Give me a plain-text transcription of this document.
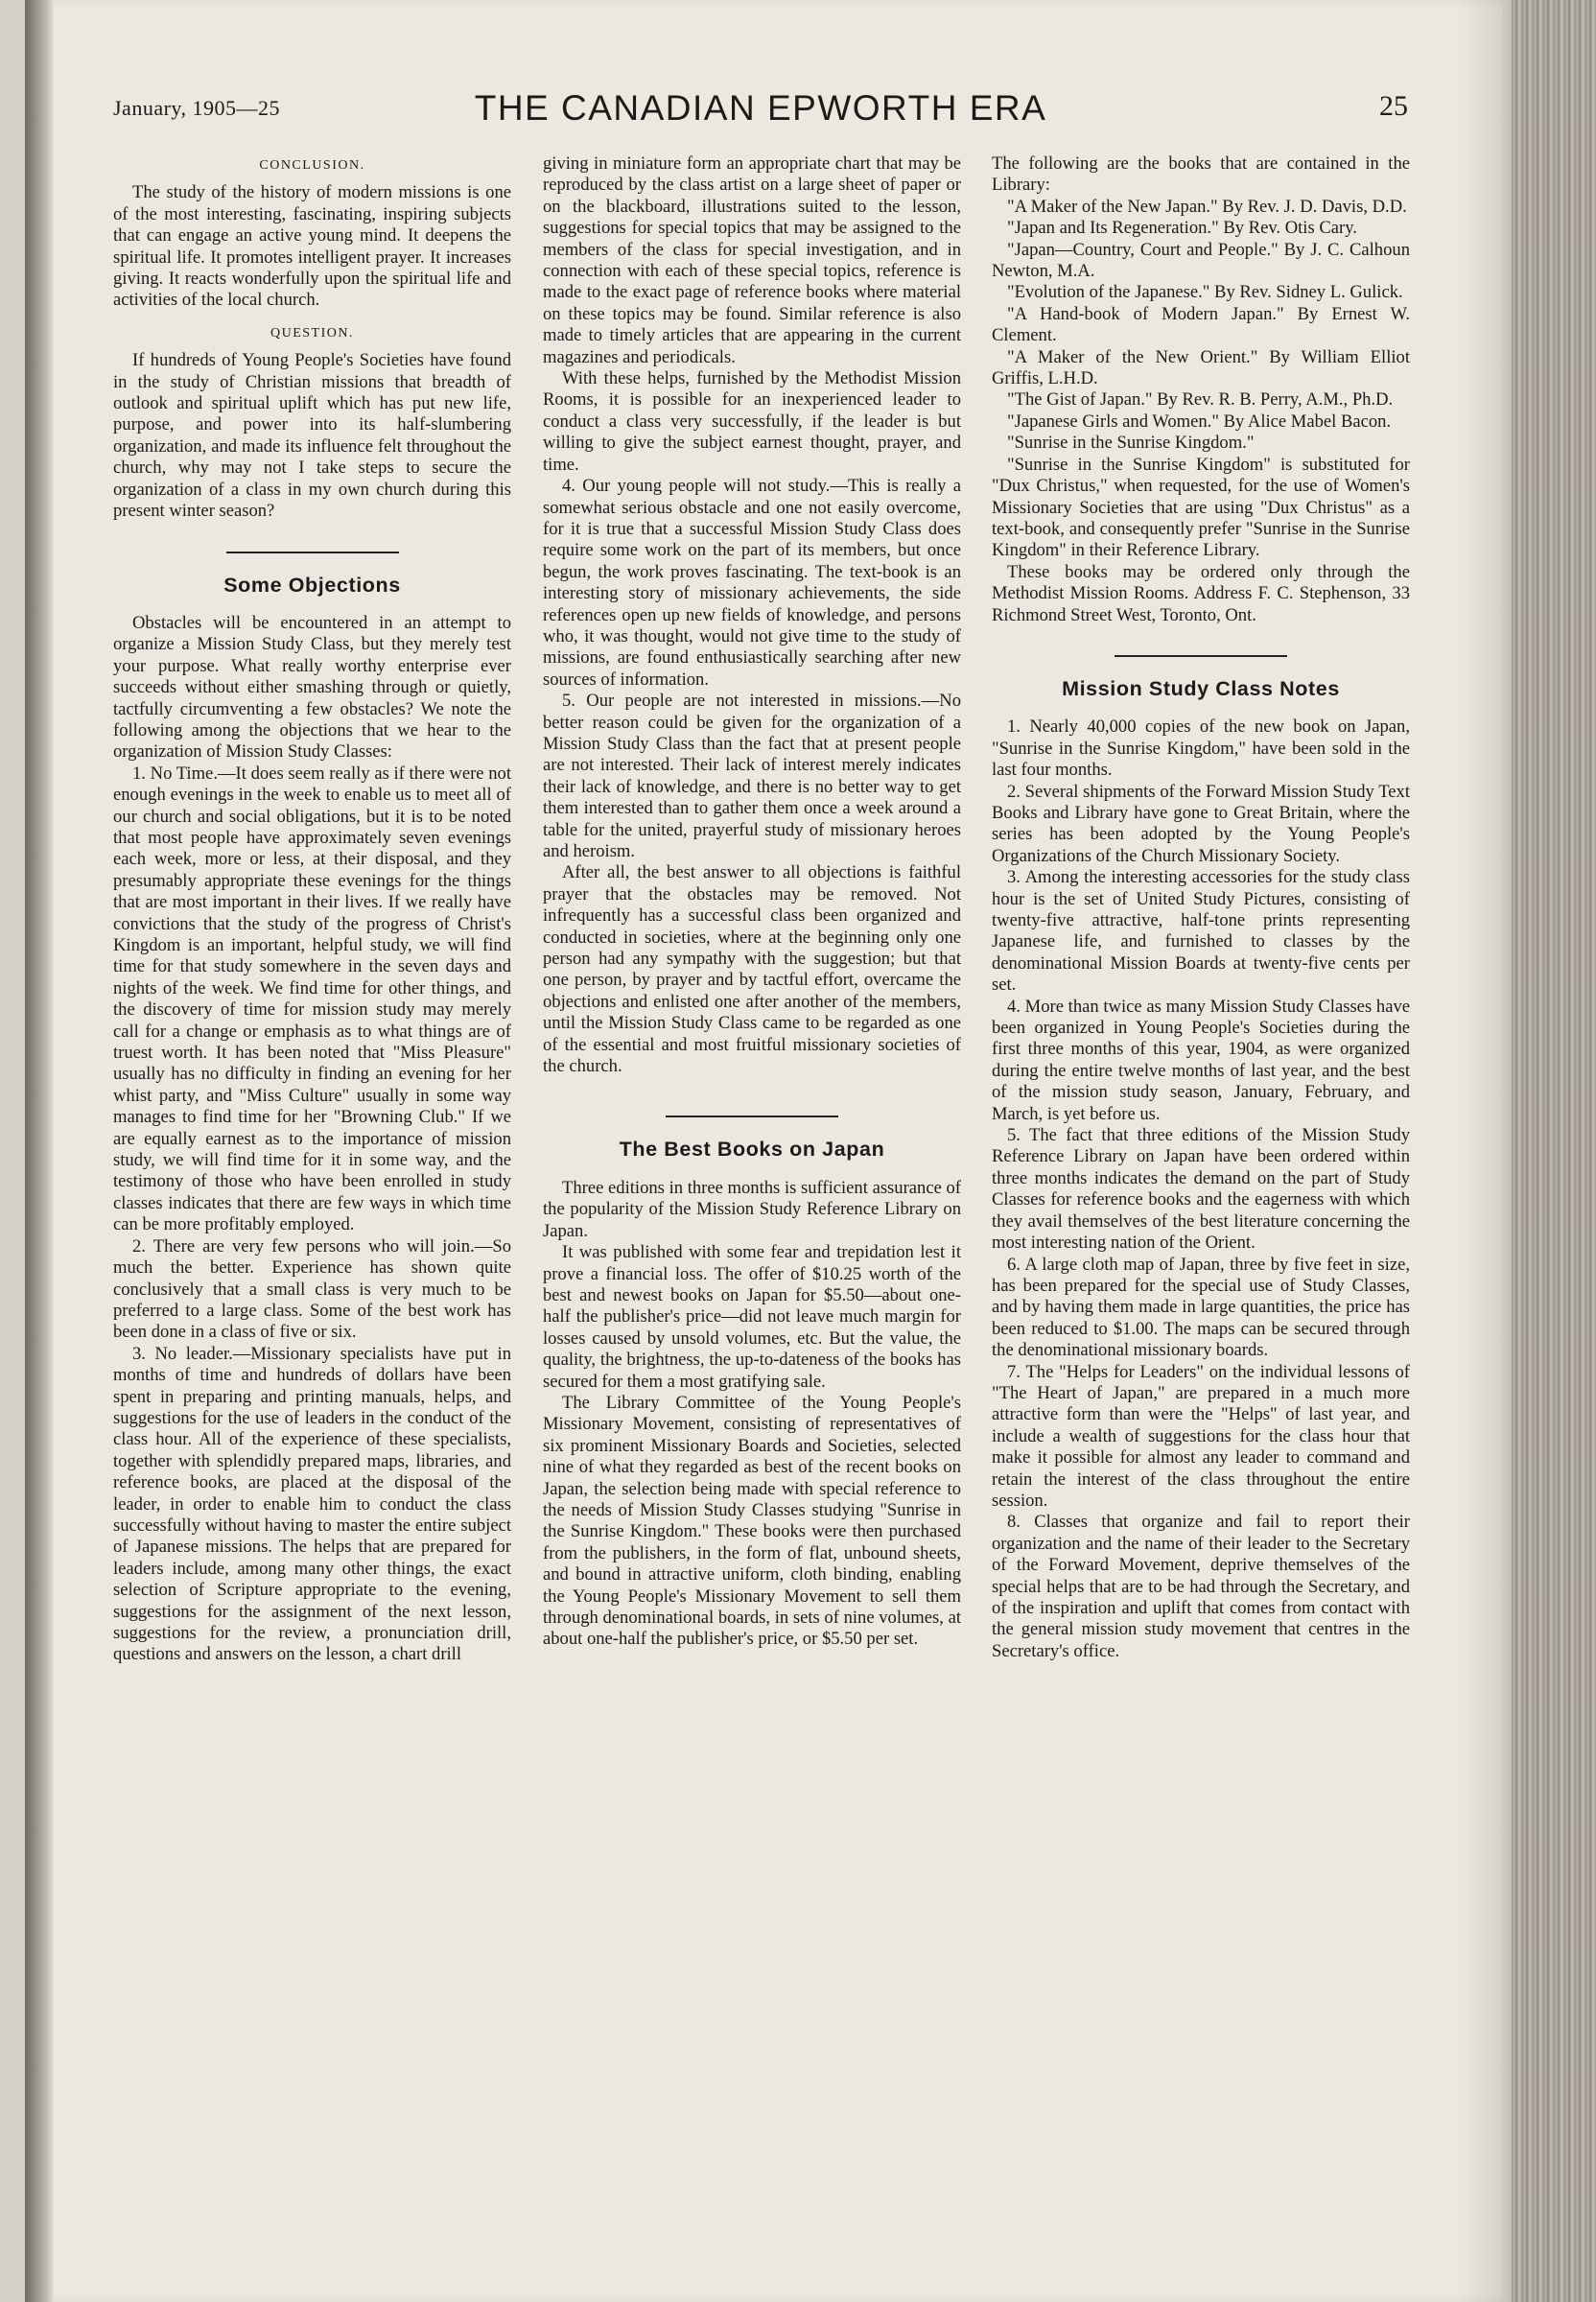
January, 1905—25	THE CANADIAN EPWORTH ERA	25
CONCLUSION.

The study of the history of modern missions is one of the most interesting, fascinating, inspiring subjects that can engage an active young mind. It deepens the spiritual life. It promotes intelligent prayer. It increases giving. It reacts wonderfully upon the spiritual life and activities of the local church.

QUESTION.

If hundreds of Young People's Societies have found in the study of Christian missions that breadth of outlook and spiritual uplift which has put new life, purpose, and power into its half-slumbering organization, and made its influence felt throughout the church, why may not I take steps to secure the organization of a class in my own church during this present winter season?

Some Objections

Obstacles will be encountered in an attempt to organize a Mission Study Class, but they merely test your purpose. What really worthy enterprise ever succeeds without either smashing through or quietly, tactfully circumventing a few obstacles? We note the following among the objections that we hear to the organization of Mission Study Classes:

1. No Time.—It does seem really as if there were not enough evenings in the week to enable us to meet all of our church and social obligations, but it is to be noted that most people have approximately seven evenings each week, more or less, at their disposal, and they presumably appropriate these evenings for the things that are most important in their lives. If we really have convictions that the study of the progress of Christ's Kingdom is an important, helpful study, we will find time for that study somewhere in the seven days and nights of the week. We find time for other things, and the discovery of time for mission study may merely call for a change or emphasis as to what things are of truest worth. It has been noted that "Miss Pleasure" usually has no difficulty in finding an evening for her whist party, and "Miss Culture" usually in some way manages to find time for her "Browning Club." If we are equally earnest as to the importance of mission study, we will find time for it in some way, and the testimony of those who have been enrolled in study classes indicates that there are few ways in which time can be more profitably employed.

2. There are very few persons who will join.—So much the better. Experience has shown quite conclusively that a small class is very much to be preferred to a large class. Some of the best work has been done in a class of five or six.

3. No leader.—Missionary specialists have put in months of time and hundreds of dollars have been spent in preparing and printing manuals, helps, and suggestions for the use of leaders in the conduct of the class hour. All of the experience of these specialists, together with splendidly prepared maps, libraries, and reference books, are placed at the disposal of the leader, in order to enable him to conduct the class successfully without having to master the entire subject of Japanese missions. The helps that are prepared for leaders include, among many other things, the exact selection of Scripture appropriate to the evening, suggestions for the assignment of the next lesson, suggestions for the review, a pronunciation drill, questions and answers on the lesson, a chart drill

giving in miniature form an appropriate chart that may be reproduced by the class artist on a large sheet of paper or on the blackboard, illustrations suited to the lesson, suggestions for special topics that may be assigned to the members of the class for special investigation, and in connection with each of these special topics, reference is made to the exact page of reference books where material on these topics may be found. Similar reference is also made to timely articles that are appearing in the current magazines and periodicals.

With these helps, furnished by the Methodist Mission Rooms, it is possible for an inexperienced leader to conduct a class very successfully, if the leader is but willing to give the subject earnest thought, prayer, and time.

4. Our young people will not study.—This is really a somewhat serious obstacle and one not easily overcome, for it is true that a successful Mission Study Class does require some work on the part of its members, but once begun, the work proves fascinating. The text-book is an interesting story of missionary achievements, the side references open up new fields of knowledge, and persons who, it was thought, would not give time to the study of missions, are found enthusiastically searching after new sources of information.

5. Our people are not interested in missions.—No better reason could be given for the organization of a Mission Study Class than the fact that at present people are not interested. Their lack of interest merely indicates their lack of knowledge, and there is no better way to get them interested than to gather them once a week around a table for the united, prayerful study of missionary heroes and heroism.

After all, the best answer to all objections is faithful prayer that the obstacles may be removed. Not infrequently has a successful class been organized and conducted in societies, where at the beginning only one person had any sympathy with the suggestion; but that one person, by prayer and by tactful effort, overcame the objections and enlisted one after another of the members, until the Mission Study Class came to be regarded as one of the essential and most fruitful missionary societies of the church.

The Best Books on Japan

Three editions in three months is sufficient assurance of the popularity of the Mission Study Reference Library on Japan.

It was published with some fear and trepidation lest it prove a financial loss. The offer of $10.25 worth of the best and newest books on Japan for $5.50—about one-half the publisher's price—did not leave much margin for losses caused by unsold volumes, etc. But the value, the quality, the brightness, the up-to-dateness of the books has secured for them a most gratifying sale.

The Library Committee of the Young People's Missionary Movement, consisting of representatives of six prominent Missionary Boards and Societies, selected nine of what they regarded as best of the recent books on Japan, the selection being made with special reference to the needs of Mission Study Classes studying "Sunrise in the Sunrise Kingdom." These books were then purchased from the publishers, in the form of flat, unbound sheets, and bound in attractive uniform, cloth binding, enabling the Young People's Missionary Movement to sell them through denominational boards, in sets of nine volumes, at about one-half the publisher's price, or $5.50 per set.

The following are the books that are contained in the Library:

"A Maker of the New Japan." By Rev. J. D. Davis, D.D.

"Japan and Its Regeneration." By Rev. Otis Cary.

"Japan—Country, Court and People." By J. C. Calhoun Newton, M.A.

"Evolution of the Japanese." By Rev. Sidney L. Gulick.

"A Hand-book of Modern Japan." By Ernest W. Clement.

"A Maker of the New Orient." By William Elliot Griffis, L.H.D.

"The Gist of Japan." By Rev. R. B. Perry, A.M., Ph.D.

"Japanese Girls and Women." By Alice Mabel Bacon.

"Sunrise in the Sunrise Kingdom."

"Sunrise in the Sunrise Kingdom" is substituted for "Dux Christus," when requested, for the use of Women's Missionary Societies that are using "Dux Christus" as a text-book, and consequently prefer "Sunrise in the Sunrise Kingdom" in their Reference Library.

These books may be ordered only through the Methodist Mission Rooms. Address F. C. Stephenson, 33 Richmond Street West, Toronto, Ont.

Mission Study Class Notes

1. Nearly 40,000 copies of the new book on Japan, "Sunrise in the Sunrise Kingdom," have been sold in the last four months.

2. Several shipments of the Forward Mission Study Text Books and Library have gone to Great Britain, where the series has been adopted by the Young People's Organizations of the Church Missionary Society.

3. Among the interesting accessories for the study class hour is the set of United Study Pictures, consisting of twenty-five attractive, half-tone prints representing Japanese life, and furnished to classes by the denominational Mission Boards at twenty-five cents per set.

4. More than twice as many Mission Study Classes have been organized in Young People's Societies during the first three months of this year, 1904, as were organized during the entire twelve months of last year, and the best of the mission study season, January, February, and March, is yet before us.

5. The fact that three editions of the Mission Study Reference Library on Japan have been ordered within three months indicates the demand on the part of Study Classes for reference books and the eagerness with which they avail themselves of the best literature concerning the most interesting nation of the Orient.

6. A large cloth map of Japan, three by five feet in size, has been prepared for the special use of Study Classes, and by having them made in large quantities, the price has been reduced to $1.00. The maps can be secured through the denominational missionary boards.

7. The "Helps for Leaders" on the individual lessons of "The Heart of Japan," are prepared in a much more attractive form than were the "Helps" of last year, and include a wealth of suggestions for the class hour that make it possible for almost any leader to command and retain the interest of the class throughout the entire session.

8. Classes that organize and fail to report their organization and the name of their leader to the Secretary of the Forward Movement, deprive themselves of the special helps that are to be had through the Secretary, and of the inspiration and uplift that comes from contact with the general mission study movement that centres in the Secretary's office.
